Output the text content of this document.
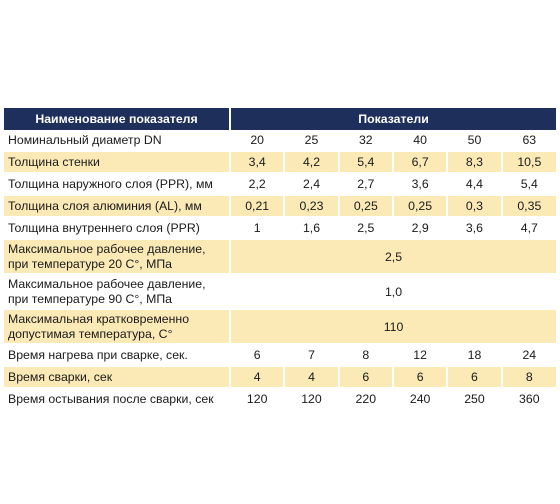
Наименование показателя	Показатели					
Номинальный диаметр DN	20	25	32	40	50	63
Толщина стенки	3,4	4,2	5,4	6,7	8,3	10,5
Толщина наружного слоя (PPR), мм	2,2	2,4	2,7	3,6	4,4	5,4
Толщина слоя алюминия (AL), мм	0,21	0,23	0,25	0,25	0,3	0,35
Толщина внутреннего слоя (PPR)	1	1,6	2,5	2,9	3,6	4,7
Максимальное рабочее давление,
при температуре 20 С°, МПа	2,5					
Максимальное рабочее давление,
при температуре 90 С°, МПа	1,0					
Максимальная кратковременно
допустимая температура, С°	110					
Время нагрева при сварке, сек.	6	7	8	12	18	24
Время сварки, сек	4	4	6	6	6	8
Время остывания после сварки, сек	120	120	220	240	250	360
